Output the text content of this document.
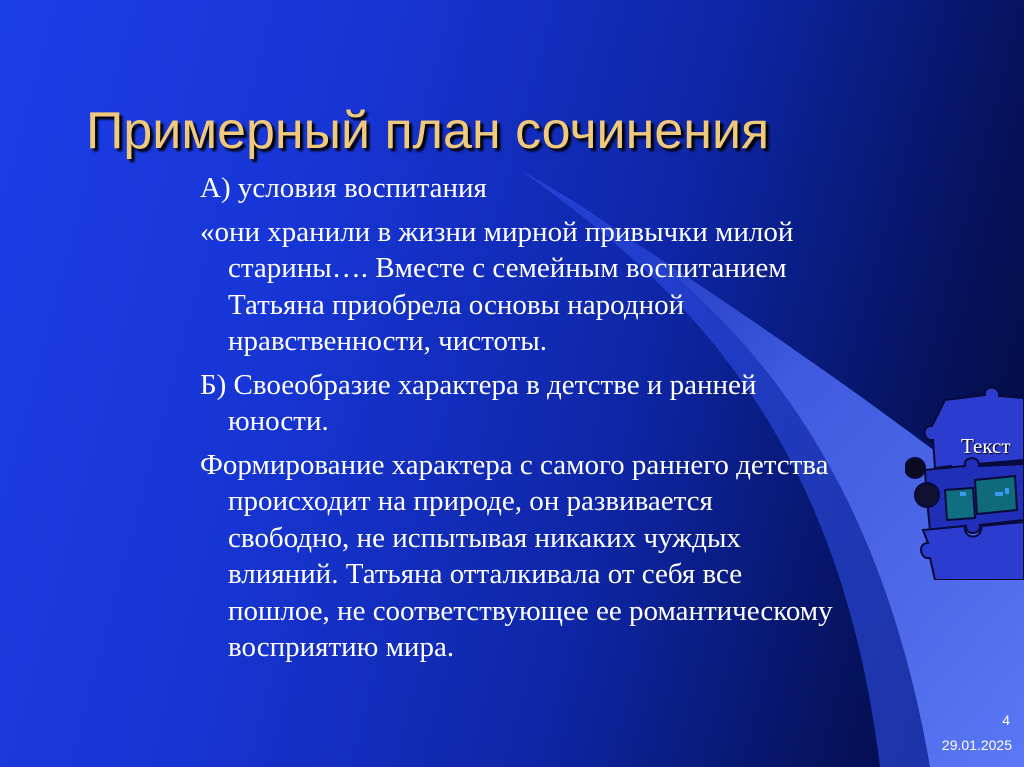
Примерный план сочинения

А) условия воспитания

«они хранили в жизни мирной привычки милой старины…. Вместе с семейным воспитанием Татьяна приобрела основы народной нравственности, чистоты.

Б) Своеобразие характера в детстве и ранней юности.

Формирование характера с самого раннего детства происходит на природе, он развивается свободно, не испытывая никаких чуждых влияний. Татьяна отталкивала от себя все пошлое, не соответствующее ее романтическому восприятию мира.

Текст
4
29.01.2025
